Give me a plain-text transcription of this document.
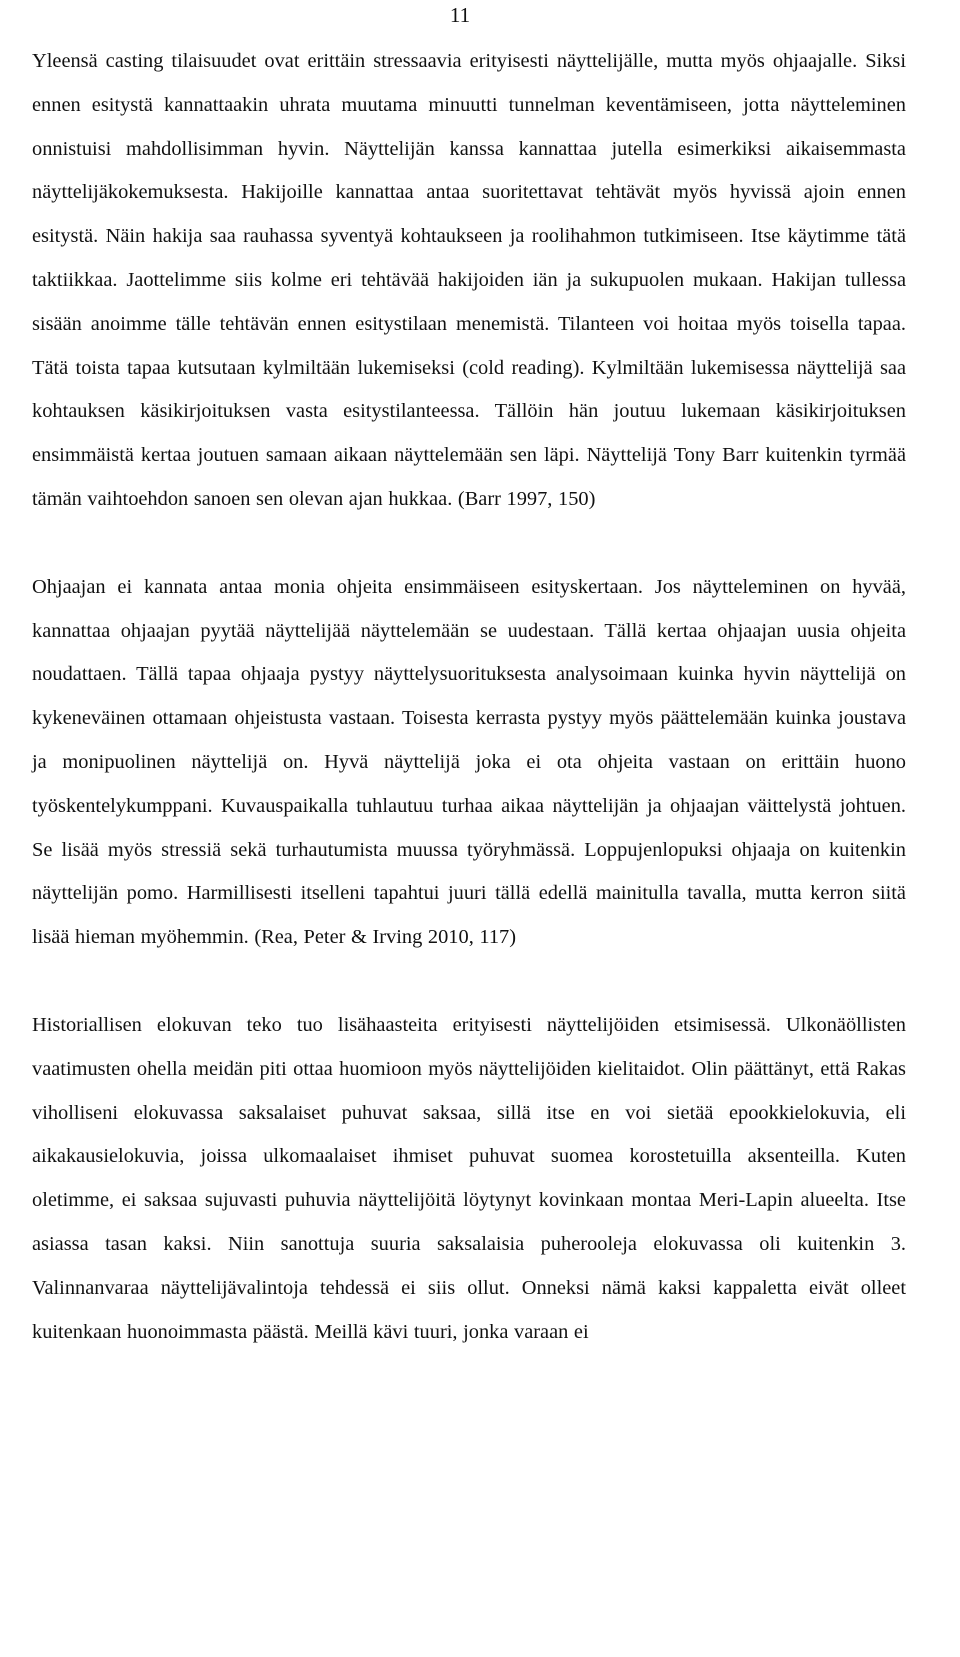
11

Yleensä casting tilaisuudet ovat erittäin stressaavia erityisesti näyttelijälle, mutta myös ohjaajalle. Siksi ennen esitystä kannattaakin uhrata muutama minuutti tunnelman keventämiseen, jotta näytteleminen onnistuisi mahdollisimman hyvin. Näyttelijän kanssa kannattaa jutella esimerkiksi aikaisemmasta näyttelijäkokemuksesta. Hakijoille kannattaa antaa suoritettavat tehtävät myös hyvissä ajoin ennen esitystä. Näin hakija saa rauhassa syventyä kohtaukseen ja roolihahmon tutkimiseen. Itse käytimme tätä taktiikkaa. Jaottelimme siis kolme eri tehtävää hakijoiden iän ja sukupuolen mukaan. Hakijan tullessa sisään anoimme tälle tehtävän ennen esitystilaan menemistä. Tilanteen voi hoitaa myös toisella tapaa. Tätä toista tapaa kutsutaan kylmiltään lukemiseksi (cold reading). Kylmiltään lukemisessa näyttelijä saa kohtauksen käsikirjoituksen vasta esitystilanteessa. Tällöin hän joutuu lukemaan käsikirjoituksen ensimmäistä kertaa joutuen samaan aikaan näyttelemään sen läpi. Näyttelijä Tony Barr kuitenkin tyrmää tämän vaihtoehdon sanoen sen olevan ajan hukkaa. (Barr 1997, 150)

Ohjaajan ei kannata antaa monia ohjeita ensimmäiseen esityskertaan. Jos näytteleminen on hyvää, kannattaa ohjaajan pyytää näyttelijää näyttelemään se uudestaan. Tällä kertaa ohjaajan uusia ohjeita noudattaen. Tällä tapaa ohjaaja pystyy näyttelysuorituksesta analysoimaan kuinka hyvin näyttelijä on kykeneväinen ottamaan ohjeistusta vastaan. Toisesta kerrasta pystyy myös päättelemään kuinka joustava ja monipuolinen näyttelijä on. Hyvä näyttelijä joka ei ota ohjeita vastaan on erittäin huono työskentelykumppani. Kuvauspaikalla tuhlautuu turhaa aikaa näyttelijän ja ohjaajan väittelystä johtuen. Se lisää myös stressiä sekä turhautumista muussa työryhmässä. Loppujenlopuksi ohjaaja on kuitenkin näyttelijän pomo. Harmillisesti itselleni tapahtui juuri tällä edellä mainitulla tavalla, mutta kerron siitä lisää hieman myöhemmin. (Rea, Peter & Irving 2010, 117)

Historiallisen elokuvan teko tuo lisähaasteita erityisesti näyttelijöiden etsimisessä. Ulkonäöllisten vaatimusten ohella meidän piti ottaa huomioon myös näyttelijöiden kielitaidot. Olin päättänyt, että Rakas viholliseni elokuvassa saksalaiset puhuvat saksaa, sillä itse en voi sietää epookkielokuvia, eli aikakausielokuvia, joissa ulkomaalaiset ihmiset puhuvat suomea korostetuilla aksenteilla. Kuten oletimme, ei saksaa sujuvasti puhuvia näyttelijöitä löytynyt kovinkaan montaa Meri-Lapin alueelta. Itse asiassa tasan kaksi. Niin sanottuja suuria saksalaisia puherooleja elokuvassa oli kuitenkin 3. Valinnanvaraa näyttelijävalintoja tehdessä ei siis ollut. Onneksi nämä kaksi kappaletta eivät olleet kuitenkaan huonoimmasta päästä. Meillä kävi tuuri, jonka varaan ei
